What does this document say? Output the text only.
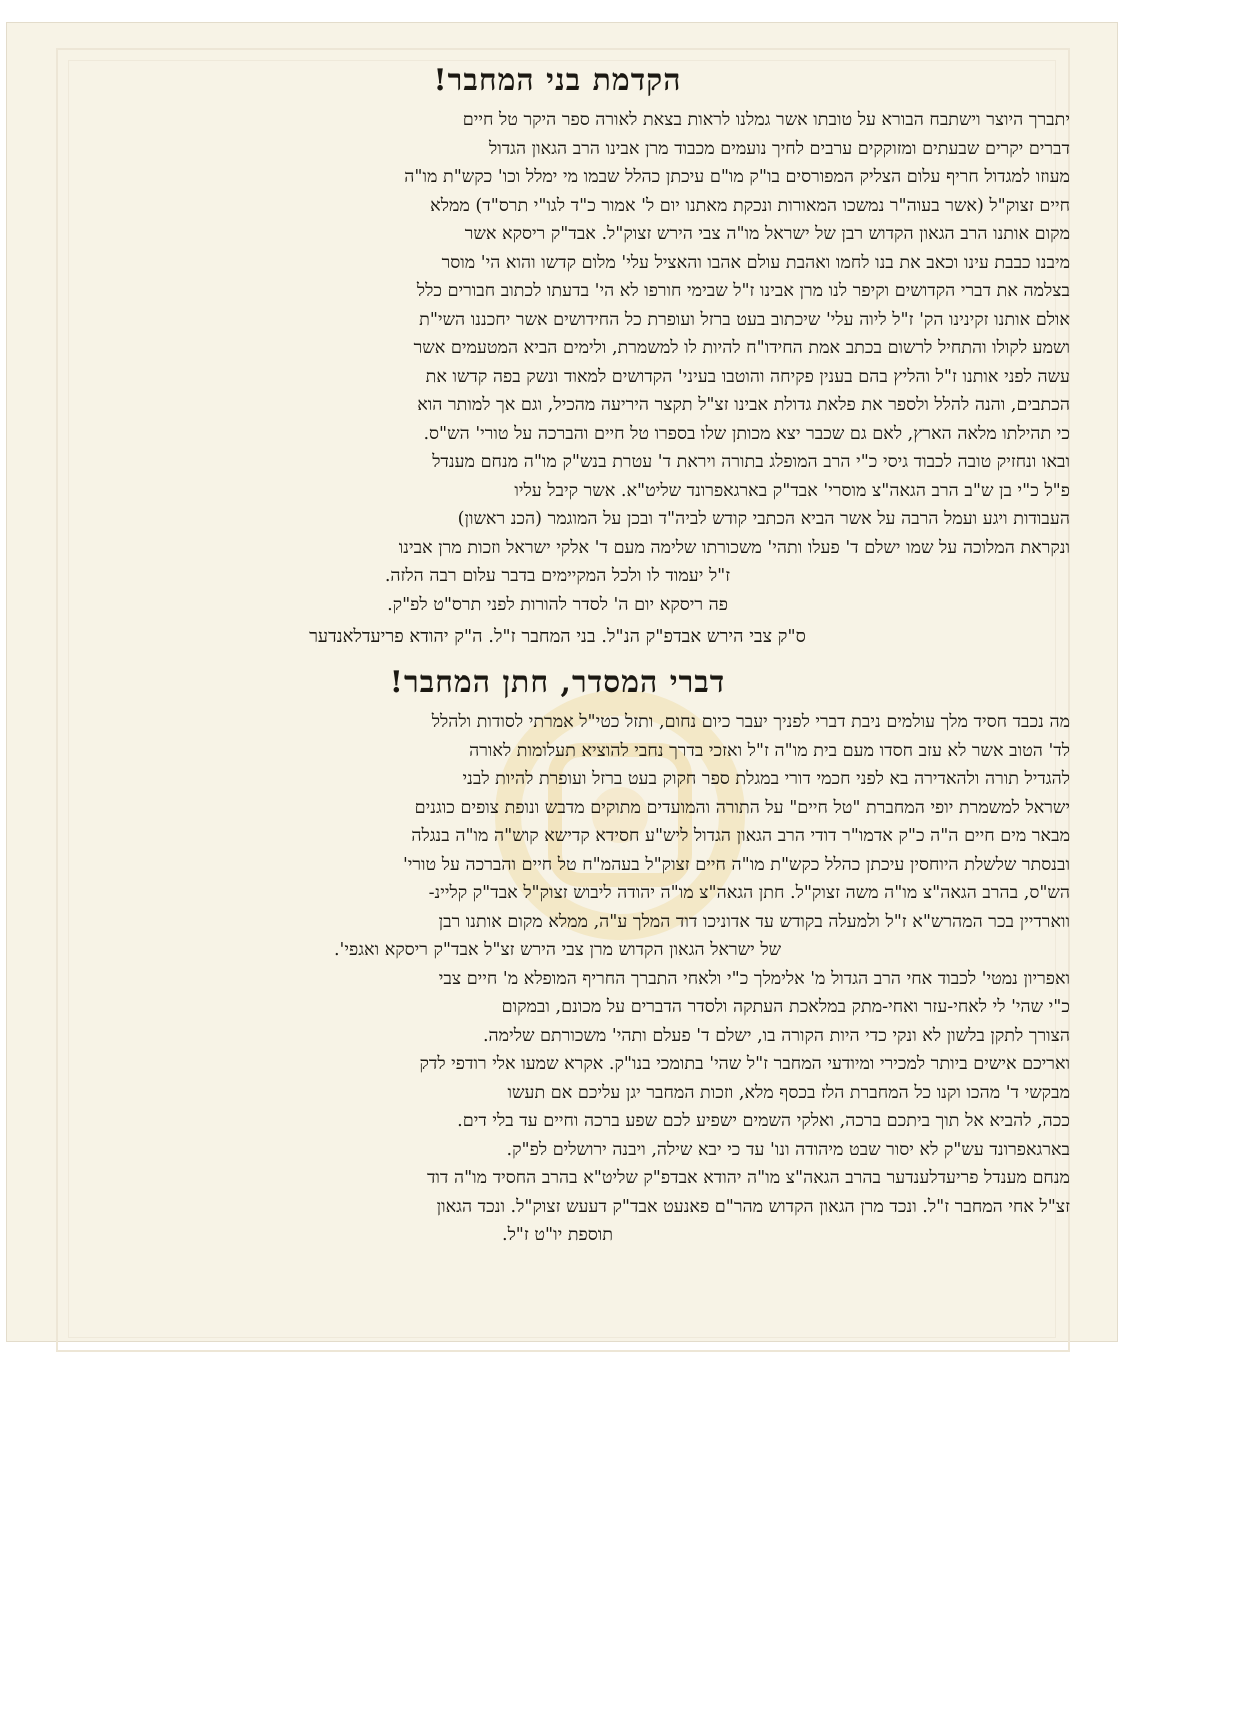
הקדמת בני המחבר!

יתברך היוצר וישתבח הבורא על טובתו אשר גמלנו לראות בצאת לאורה ספר היקר טל חיים

דברים יקרים שבעתים ומזוקקים ערבים לחיך נועמים מכבוד מרן אבינו הרב הגאון הגדול

מעוזו למגדול חריף עלום הצליק המפורסים בו"ק מו"ם עיכתן כהלל שבמו מי ימלל וכו' כקש"ת מו"ה

חיים זצוק"ל (אשר בעוה"ר נמשכו המאורות ונכקת מאתנו יום ל' אמור כ"ד לגו"י תרס"ד) ממלא

מקום אותנו הרב הגאון הקדוש רבן של ישראל מו"ה צבי הירש זצוק"ל. אבד"ק ריסקא אשר

מיבנו כבבת עינו וכאב את בנו לחמו ואהבת עולם אהבו והאציל עלי' מלום קדשו והוא הי' מוסר

בצלמה את דברי הקדושים וקיפר לנו מרן אבינו ז"ל שבימי חורפו לא הי' בדעתו לכתוב חבורים כלל

אולם אותנו זקינינו הק' ז"ל ליוה עלי' שיכתוב בעט ברזל ועופרת כל החידושים אשר יחכננו השי"ת

ושמע לקולו והתחיל לרשום בכתב אמת החידו"ח להיות לו למשמרת, ולימים הביא המטעמים אשר

עשה לפני אותנו ז"ל והליץ בהם בענין פקיחה והוטבו בעיני' הקדושים למאוד ונשק בפה קדשו את

הכתבים, והנה להלל ולספר את פלאת גדולת אבינו זצ"ל תקצר היריעה מהכיל, וגם אך למותר הוא

כי תהילתו מלאה הארץ, לאם גם שכבר יצא מכותן שלו בספרו טל חיים והברכה על טורי' הש"ס.

ובאו ונחזיק טובה לכבוד גיסי כ"י הרב המופלג בתורה ויראת ד' עטרת בנש"ק מו"ה מנחם מענדל

פ"ל כ"י בן ש"ב הרב הגאה"צ מוסרי' אבד"ק בארגאפרונד שליט"א. אשר קיבל עליו

העבודות ויגע ועמל הרבה על אשר הביא הכתבי קודש לביה"ד ובכן על המוגמר (הכנ ראשון)

ונקראת המלוכה על שמו ישלם ד' פעלו ותהי' משכורתו שלימה מעם ד' אלקי ישראל וזכות מרן אבינו

ז"ל יעמוד לו ולכל המקיימים בדבר עלום רבה הלזה.

פה ריסקא יום ה' לסדר להורות לפני תרס"ט לפ"ק.

ס"ק צבי הירש אבדפ"ק הנ"ל. בני המחבר ז"ל. ה"ק יהודא פריעדלאנדער

דברי המסדר, חתן המחבר!

מה נכבד חסיד מלך עולמים ניבת דברי לפניך יעבר כיום נחום, ותזל כטי"ל אמרתי לסודות ולהלל

לד' הטוב אשר לא עזב חסדו מעם בית מו"ה ז"ל ואזכי בדרך נחבי להוציא תעלומות לאורה

להגדיל תורה ולהאדירה בא לפני חכמי דורי במגלת ספר חקוק בעט ברזל ועופרת להיות לבני

ישראל למשמרת יופי המחברת "טל חיים" על התורה והמועדים מתוקים מדבש ונופת צופים כוגנים

מבאר מים חיים ה"ה כ"ק אדמו"ר דודי הרב הגאון הגדול ליש"ע חסידא קדישא קוש"ה מו"ה בנגלה

ובנסתר שלשלת היוחסין עיכתן כהלל כקש"ת מו"ה חיים זצוק"ל בעהמ"ח טל חיים והברכה על טורי'

הש"ס, בהרב הגאה"צ מו"ה משה זצוק"ל. חתן הגאה"צ מו"ה יהודה ליבוש זצוק"ל אבד"ק קליינ-

ווארדיין בכר המהרש"א ז"ל ולמעלה בקודש עד אדוניכו דוד המלך ע"ה, ממלא מקום אותנו רבן

של ישראל הגאון הקדוש מרן צבי הירש זצ"ל אבד"ק ריסקא ואגפי'.

ואפריון נמטי' לכבוד אחי הרב הגדול מ' אלימלך כ"י ולאחי התברך החריף המופלא מ' חיים צבי

כ"י שהי' לי לאחי-עזר ואחי-מתק במלאכת העתקה ולסדר הדברים על מכונם, ובמקום

הצורך לתקן בלשון לא ונקי כדי היות הקורה בו, ישלם ד' פעלם ותהי' משכורתם שלימה.

ואריכם אישים ביותר למכירי ומיודעי המחבר ז"ל שהי' בתומכי בנו"ק. אקרא שמעו אלי רודפי לדק

מבקשי ד' מהכו וקנו כל המחברת הלז בכסף מלא, וזכות המחבר יגן עליכם אם תעשו

ככה, להביא אל תוך ביתכם ברכה, ואלקי השמים ישפיע לכם שפע ברכה וחיים עד בלי דים.

בארגאפרונד עש"ק לא יסור שבט מיהודה ונו' עד כי יבא שילה, ויבנה ירושלים לפ"ק.

מנחם מענדל פריעדלענדער בהרב הגאה"צ מו"ה יהודא אבדפ"ק שליט"א בהרב החסיד מו"ה דוד

זצ"ל אחי המחבר ז"ל. ונכד מרן הגאון הקדוש מהר"ם פאנעט אבד"ק דעעש זצוק"ל. ונכד הגאון

תוספת יו"ט ז"ל.
